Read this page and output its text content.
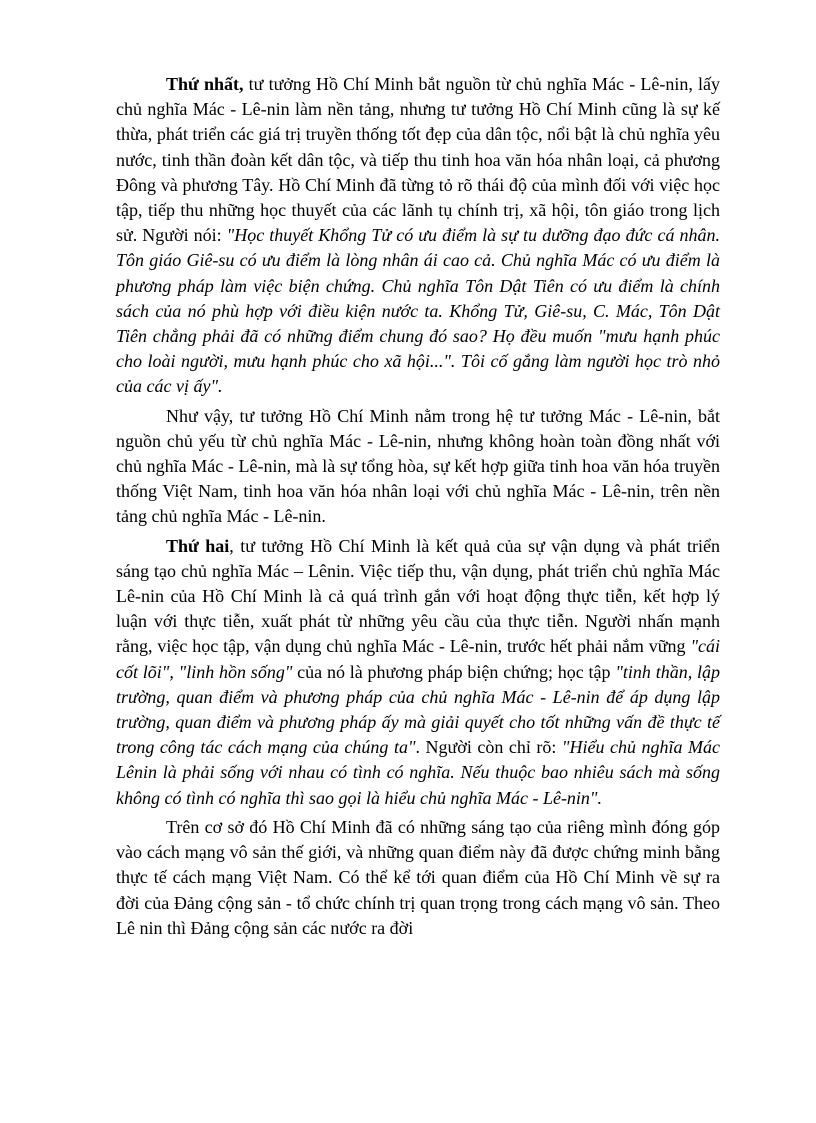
Thứ nhất, tư tưởng Hồ Chí Minh bắt nguồn từ chủ nghĩa Mác - Lê-nin, lấy chủ nghĩa Mác - Lê-nin làm nền tảng, nhưng tư tưởng Hồ Chí Minh cũng là sự kế thừa, phát triển các giá trị truyền thống tốt đẹp của dân tộc, nổi bật là chủ nghĩa yêu nước, tinh thần đoàn kết dân tộc, và tiếp thu tinh hoa văn hóa nhân loại, cả phương Đông và phương Tây. Hồ Chí Minh đã từng tỏ rõ thái độ của mình đối với việc học tập, tiếp thu những học thuyết của các lãnh tụ chính trị, xã hội, tôn giáo trong lịch sử. Người nói: "Học thuyết Khổng Tử có ưu điểm là sự tu dưỡng đạo đức cá nhân. Tôn giáo Giê-su có ưu điểm là lòng nhân ái cao cả. Chủ nghĩa Mác có ưu điểm là phương pháp làm việc biện chứng. Chủ nghĩa Tôn Dật Tiên có ưu điểm là chính sách của nó phù hợp với điều kiện nước ta. Khổng Tử, Giê-su, C. Mác, Tôn Dật Tiên chẳng phải đã có những điểm chung đó sao? Họ đều muốn "mưu hạnh phúc cho loài người, mưu hạnh phúc cho xã hội...". Tôi cố gắng làm người học trò nhỏ của các vị ấy".

Như vậy, tư tưởng Hồ Chí Minh nằm trong hệ tư tưởng Mác - Lê-nin, bắt nguồn chủ yếu từ chủ nghĩa Mác - Lê-nin, nhưng không hoàn toàn đồng nhất với chủ nghĩa Mác - Lê-nin, mà là sự tổng hòa, sự kết hợp giữa tinh hoa văn hóa truyền thống Việt Nam, tinh hoa văn hóa nhân loại với chủ nghĩa Mác - Lê-nin, trên nền tảng chủ nghĩa Mác - Lê-nin.

Thứ hai, tư tưởng Hồ Chí Minh là kết quả của sự vận dụng và phát triển sáng tạo chủ nghĩa Mác – Lênin. Việc tiếp thu, vận dụng, phát triển chủ nghĩa Mác Lê-nin của Hồ Chí Minh là cả quá trình gắn với hoạt động thực tiễn, kết hợp lý luận với thực tiễn, xuất phát từ những yêu cầu của thực tiễn. Người nhấn mạnh rằng, việc học tập, vận dụng chủ nghĩa Mác - Lê-nin, trước hết phải nắm vững "cái cốt lõi", "linh hồn sống" của nó là phương pháp biện chứng; học tập "tinh thần, lập trường, quan điểm và phương pháp của chủ nghĩa Mác - Lê-nin để áp dụng lập trường, quan điểm và phương pháp ấy mà giải quyết cho tốt những vấn đề thực tế trong công tác cách mạng của chúng ta". Người còn chỉ rõ: "Hiểu chủ nghĩa Mác Lênin là phải sống với nhau có tình có nghĩa. Nếu thuộc bao nhiêu sách mà sống không có tình có nghĩa thì sao gọi là hiểu chủ nghĩa Mác - Lê-nin".

Trên cơ sở đó Hồ Chí Minh đã có những sáng tạo của riêng mình đóng góp vào cách mạng vô sản thế giới, và những quan điểm này đã được chứng minh bằng thực tế cách mạng Việt Nam. Có thể kể tới quan điểm của Hồ Chí Minh về sự ra đời của Đảng cộng sản - tổ chức chính trị quan trọng trong cách mạng vô sản. Theo Lê nin thì Đảng cộng sản các nước ra đời
